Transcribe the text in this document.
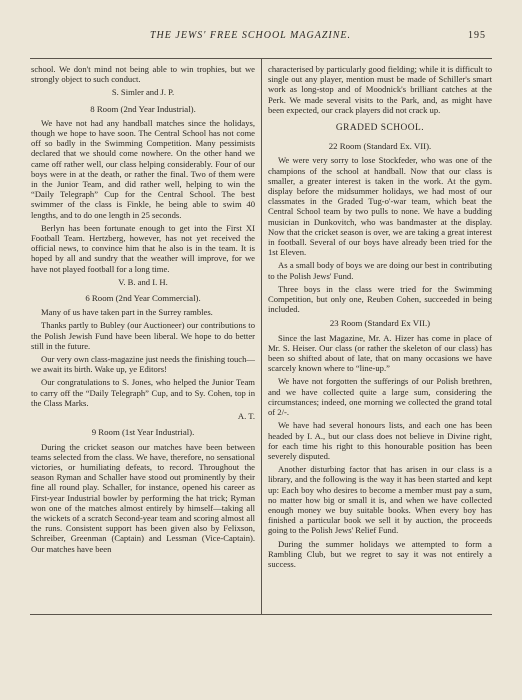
THE JEWS' FREE SCHOOL MAGAZINE.	195

school. We don't mind not being able to win trophies, but we strongly object to such conduct.

S. Simler and J. P.
8 Room (2nd Year Industrial).

We have not had any handball matches since the holidays, though we hope to have soon. The Central School has not come off so badly in the Swimming Competition. Many pessimists declared that we should come nowhere. On the other hand we came off rather well, our class helping considerably. Four of our boys were in at the death, or rather the final. Two of them were in the Junior Team, and did rather well, helping to win the “Daily Telegraph” Cup for the Central School. The best swimmer of the class is Finkle, he being able to swim 40 lengths, and to do one length in 25 seconds.

Berlyn has been fortunate enough to get into the First XI Football Team. Hertzberg, however, has not yet received the official news, to convince him that he also is in the team. It is hoped by all and sundry that the weather will improve, for we have not played football for a long time.

V. B. and I. H.
6 Room (2nd Year Commercial).

Many of us have taken part in the Surrey rambles.

Thanks partly to Bubley (our Auctioneer) our contributions to the Polish Jewish Fund have been liberal. We hope to do better still in the future.

Our very own class-magazine just needs the finishing touch—we await its birth. Wake up, ye Editors!

Our congratulations to S. Jones, who helped the Junior Team to carry off the “Daily Telegraph” Cup, and to Sy. Cohen, top in the Class Marks.

A. T.
9 Room (1st Year Industrial).

During the cricket season our matches have been between teams selected from the class. We have, therefore, no sensational victories, or humiliating defeats, to record. Throughout the season Ryman and Schaller have stood out prominently by their fine all round play. Schaller, for instance, opened his career as First-year Industrial bowler by performing the hat trick; Ryman won one of the matches almost entirely by himself—taking all the wickets of a scratch Second-year team and scoring almost all the runs. Consistent support has been given also by Felixson, Schreiber, Greenman (Captain) and Lessman (Vice-Captain). Our matches have been

characterised by particularly good fielding; while it is difficult to single out any player, mention must be made of Schiller's smart work as long-stop and of Moodnick's brilliant catches at the Perk. We made several visits to the Park, and, as might have been expected, our crack players did not crack up.

GRADED SCHOOL.
22 Room (Standard Ex. VII).

We were very sorry to lose Stockfeder, who was one of the champions of the school at handball. Now that our class is smaller, a greater interest is taken in the work. At the gym. display before the midsummer holidays, we had most of our classmates in the Graded Tug-o'-war team, which beat the Central School team by two pulls to none. We have a budding musician in Dunkovitch, who was bandmaster at the display. Now that the cricket season is over, we are taking a great interest in football. Several of our boys have already been tried for the 1st Eleven.

As a small body of boys we are doing our best in contributing to the Polish Jews' Fund.

Three boys in the class were tried for the Swimming Competition, but only one, Reuben Cohen, succeeded in being included.

23 Room (Standard Ex VII.)

Since the last Magazine, Mr. A. Hizer has come in place of Mr. S. Heiser. Our class (or rather the skeleton of our class) has been so shifted about of late, that on many occasions we have scarcely known where to “line-up.”

We have not forgotten the sufferings of our Polish brethren, and we have collected quite a large sum, considering the circumstances; indeed, one morning we collected the grand total of 2/-.

We have had several honours lists, and each one has been headed by I. A., but our class does not believe in Divine right, for each time his right to this honourable position has been severely disputed.

Another disturbing factor that has arisen in our class is a library, and the following is the way it has been started and kept up: Each boy who desires to become a member must pay a sum, no matter how big or small it is, and when we have collected enough money we buy suitable books. When every boy has finished a particular book we sell it by auction, the proceeds going to the Polish Jews' Relief Fund.

During the summer holidays we attempted to form a Rambling Club, but we regret to say it was not entirely a success.
